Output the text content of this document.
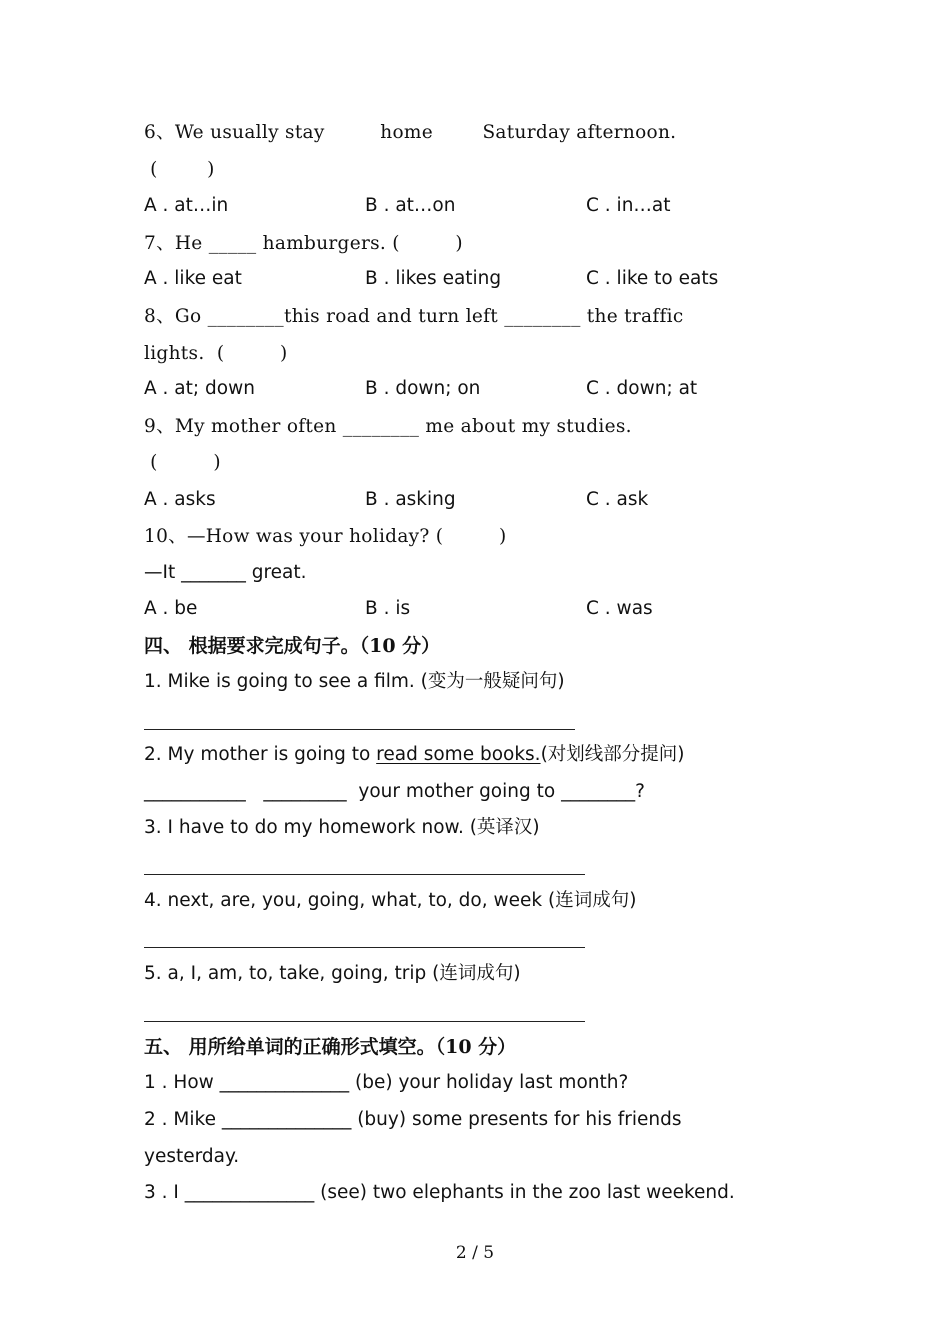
6、We usually stay         home        Saturday afternoon.
(        )
A . at…in	B . at…on	C . in…at
7、He _____ hamburgers. (         )
A . like eat	B . likes eating	C . like to eats
8、Go ________this road and turn left ________ the traffic
lights.  (         )
A . at; down	B . down; on	C . down; at
9、My mother often ________ me about my studies.
(         )
A . asks	B . asking	C . ask
10、—How was your holiday? (         )
—It _______ great.
A . be	B . is	C . was
四、 根据要求完成句子。（10 分）
1. Mike is going to see a film. (变为一般疑问句)
2. My mother is going to read some books.(对划线部分提问)
___________   _________  your mother going to ________?
3. I have to do my homework now. (英译汉)
4. next, are, you, going, what, to, do, week (连词成句)
5. a, I, am, to, take, going, trip (连词成句)
五、 用所给单词的正确形式填空。（10 分）
1 . How ______________ (be) your holiday last month?
2 . Mike ______________ (buy) some presents for his friends
yesterday.
3 . I ______________ (see) two elephants in the zoo last weekend.
2 / 5
